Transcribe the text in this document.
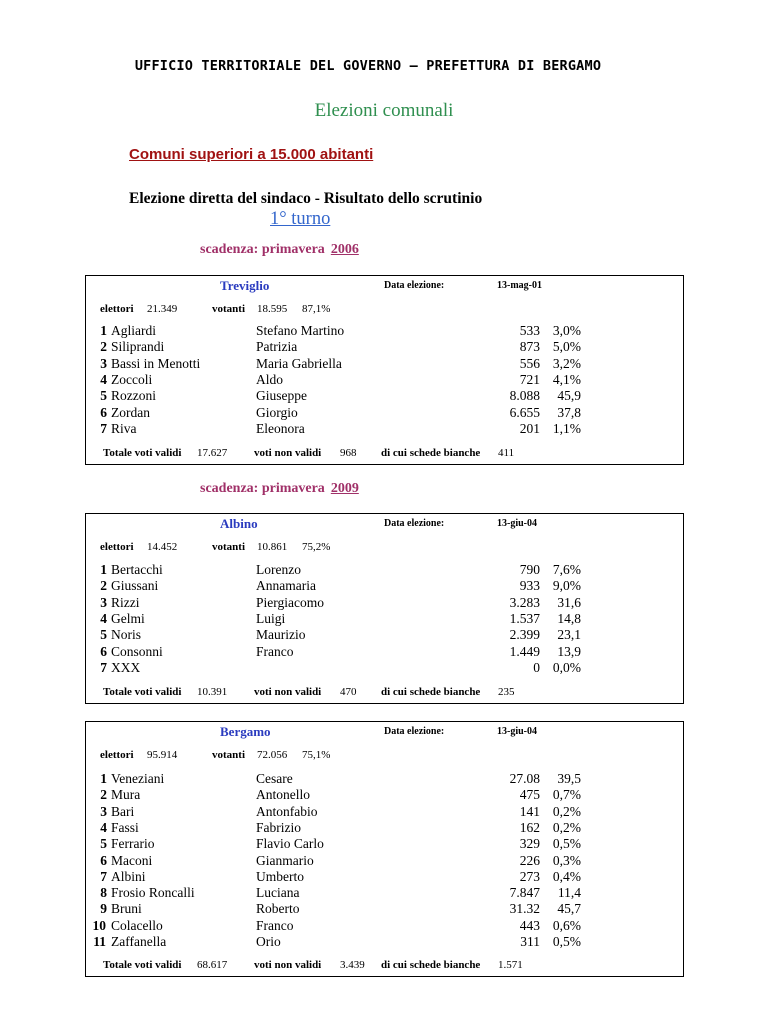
UFFICIO TERRITORIALE DEL GOVERNO – PREFETTURA DI BERGAMO
Elezioni comunali
Comuni superiori a 15.000 abitanti
Elezione diretta del sindaco - Risultato dello scrutinio
1° turno
scadenza: primavera 2006
Treviglio	Data elezione:	13-mag-01
elettori 21.349	votanti 18.595 87,1%
1 Agliardi	Stefano Martino	533 3,0%
2 Siliprandi	Patrizia	873 5,0%
3 Bassi in Menotti	Maria Gabriella	556 3,2%
4 Zoccoli	Aldo	721 4,1%
5 Rozzoni	Giuseppe	8.088	45,9
6 Zordan	Giorgio	6.655	37,8
7 Riva	Eleonora	201 1,1%
Totale voti validi 17.627 voti non validi 968 di cui schede bianche 411
scadenza: primavera 2009
Albino	Data elezione:	13-giu-04
elettori 14.452	votanti 10.861 75,2%
1 Bertacchi	Lorenzo	790 7,6%
2 Giussani	Annamaria	933 9,0%
3 Rizzi	Piergiacomo	3.283	31,6
4 Gelmi	Luigi	1.537	14,8
5 Noris	Maurizio	2.399	23,1
6 Consonni	Franco	1.449	13,9
7 XXX	0 0,0%
Totale voti validi 10.391 voti non validi 470 di cui schede bianche 235
Bergamo	Data elezione:	13-giu-04
elettori 95.914	votanti 72.056 75,1%
1 Veneziani	Cesare	27.08	39,5
2 Mura	Antonello	475 0,7%
3 Bari	Antonfabio	141 0,2%
4 Fassi	Fabrizio	162 0,2%
5 Ferrario	Flavio Carlo	329 0,5%
6 Maconi	Gianmario	226 0,3%
7 Albini	Umberto	273 0,4%
8 Frosio Roncalli	Luciana	7.847	11,4
9 Bruni	Roberto	31.32	45,7
10 Colacello	Franco	443 0,6%
11 Zaffanella	Orio	311 0,5%
Totale voti validi 68.617 voti non validi 3.439 di cui schede bianche 1.571
